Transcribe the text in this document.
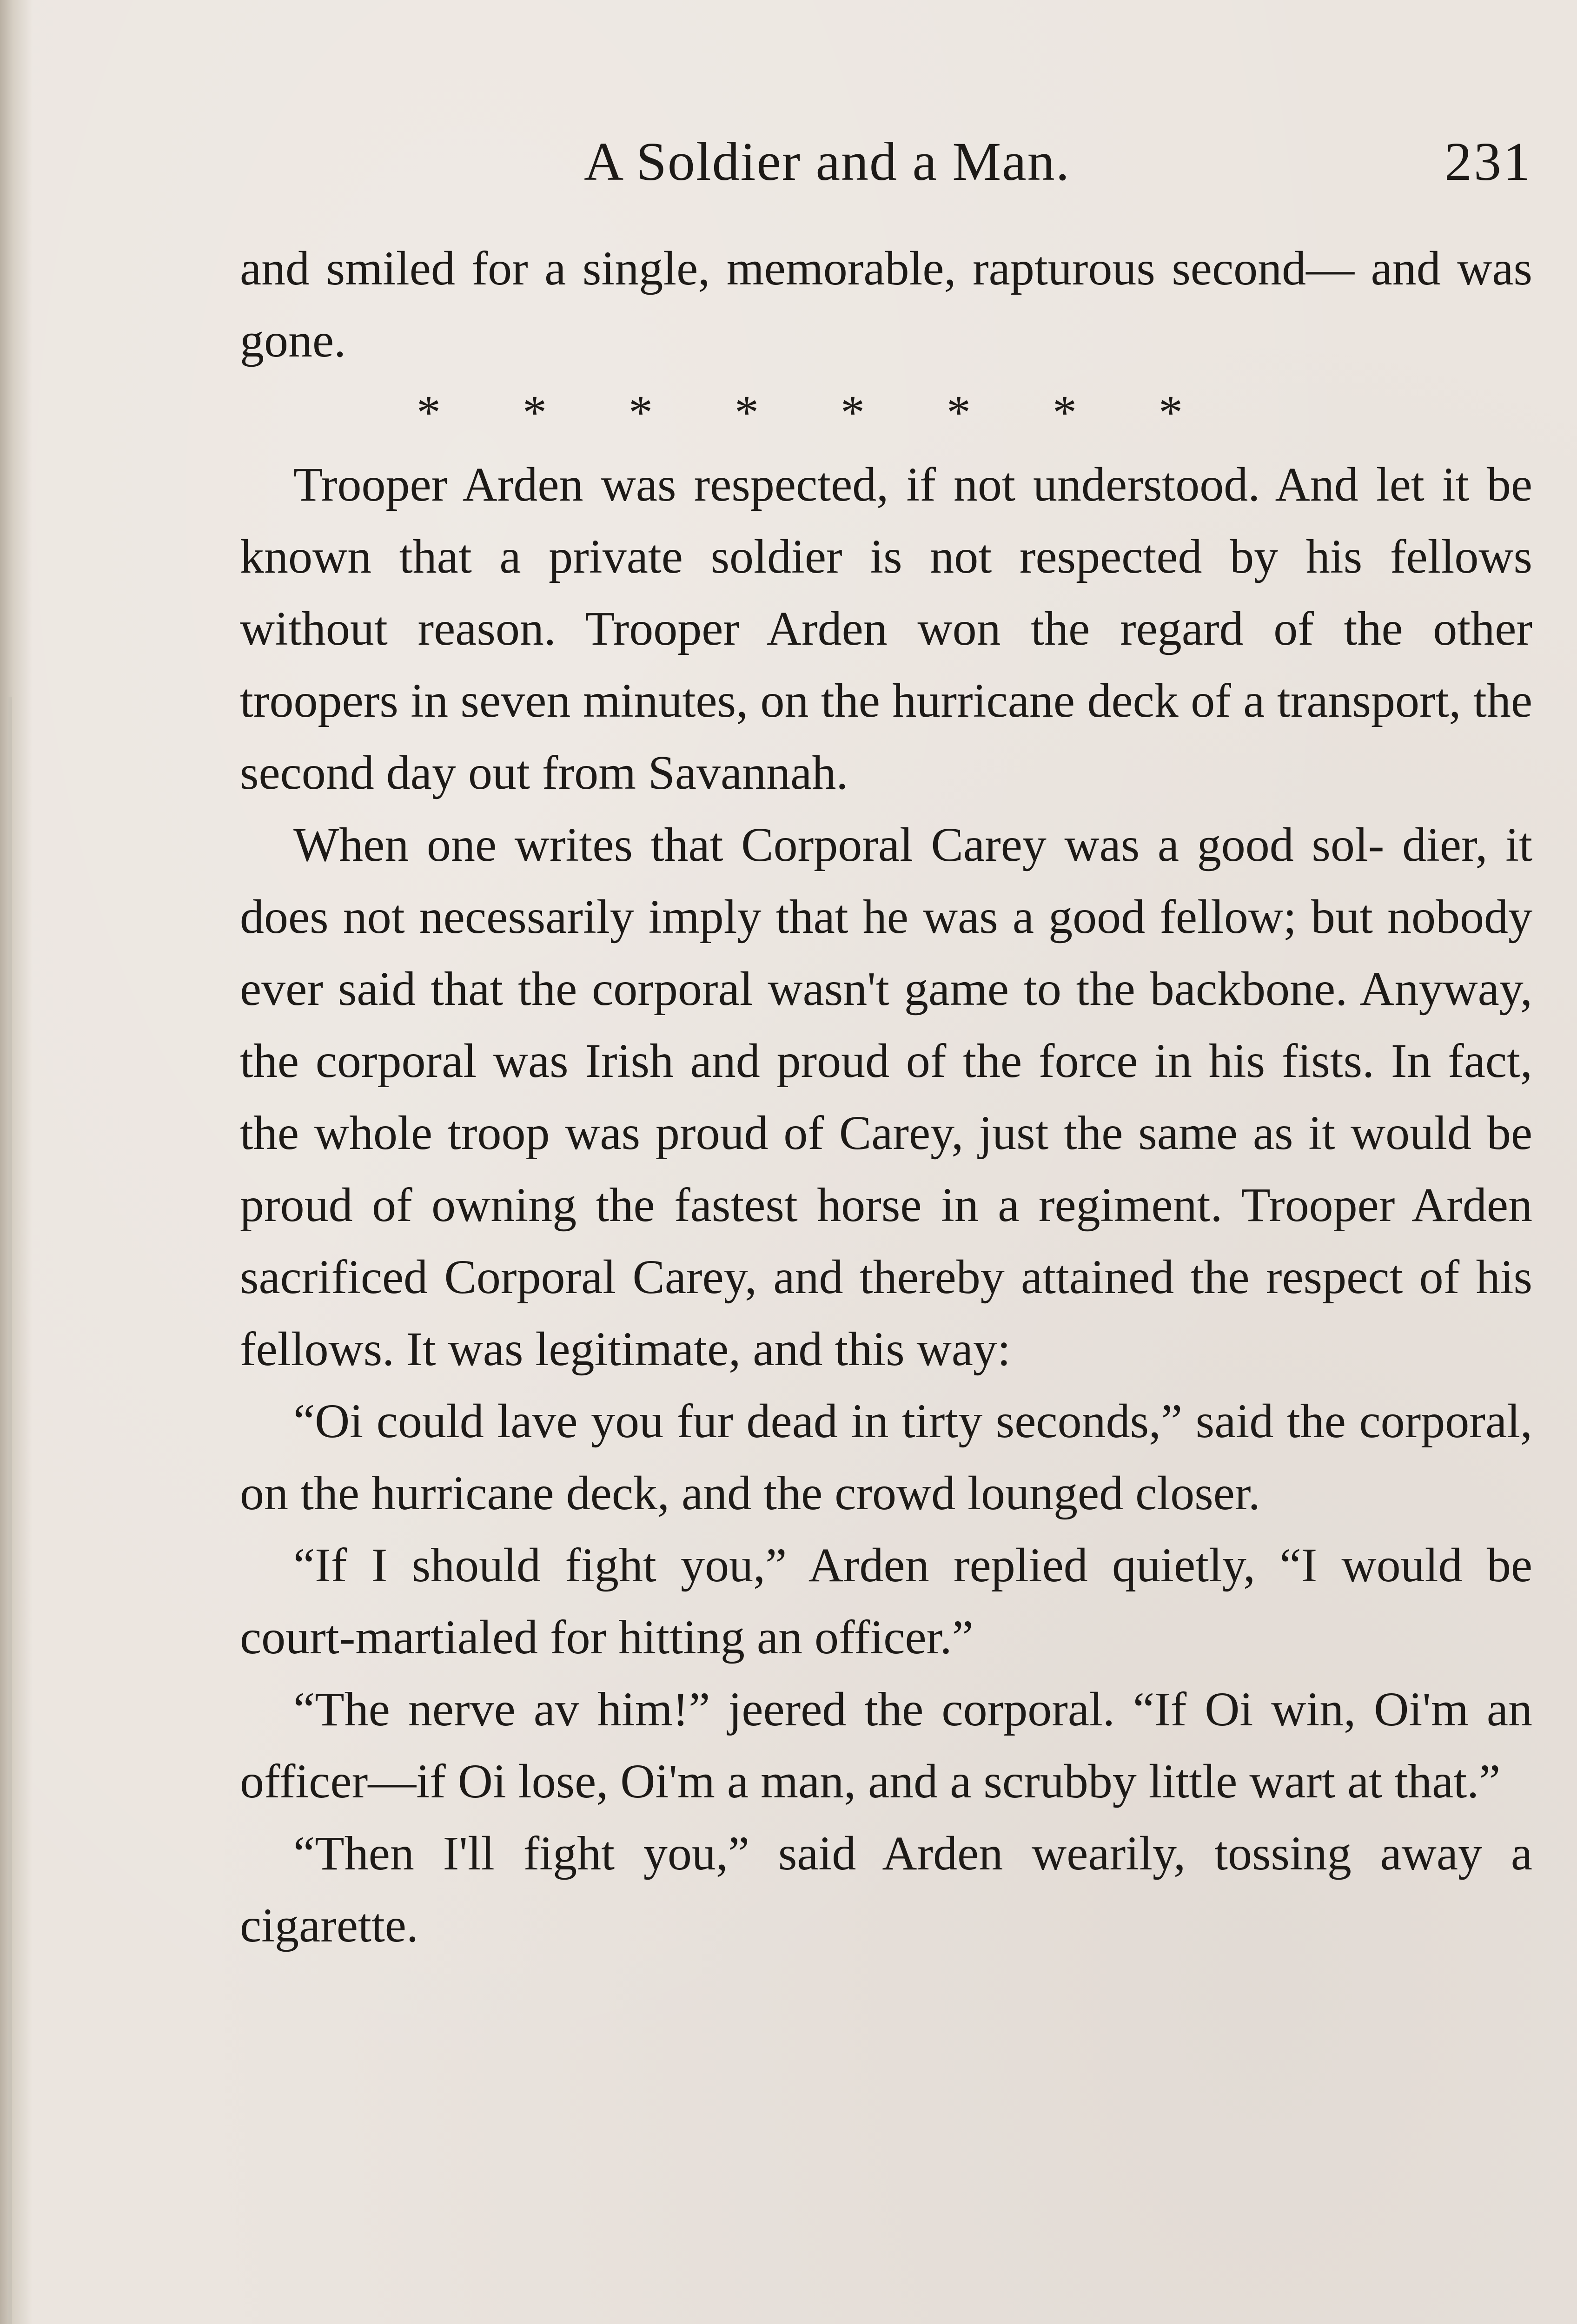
A Soldier and a Man.	231

and smiled for a single, memorable, rapturous second— and was gone.

* * * * * * * *

Trooper Arden was respected, if not understood. And let it be known that a private soldier is not respected by his fellows without reason. Trooper Arden won the regard of the other troopers in seven minutes, on the hurricane deck of a transport, the second day out from Savannah.

When one writes that Corporal Carey was a good sol- dier, it does not necessarily imply that he was a good fellow; but nobody ever said that the corporal wasn't game to the backbone. Anyway, the corporal was Irish and proud of the force in his fists. In fact, the whole troop was proud of Carey, just the same as it would be proud of owning the fastest horse in a regiment. Trooper Arden sacrificed Corporal Carey, and thereby attained the respect of his fellows. It was legitimate, and this way:

“Oi could lave you fur dead in tirty seconds,” said the corporal, on the hurricane deck, and the crowd lounged closer.

“If I should fight you,” Arden replied quietly, “I would be court-martialed for hitting an officer.”

“The nerve av him!” jeered the corporal. “If Oi win, Oi'm an officer—if Oi lose, Oi'm a man, and a scrubby little wart at that.”

“Then I'll fight you,” said Arden wearily, tossing away a cigarette.
